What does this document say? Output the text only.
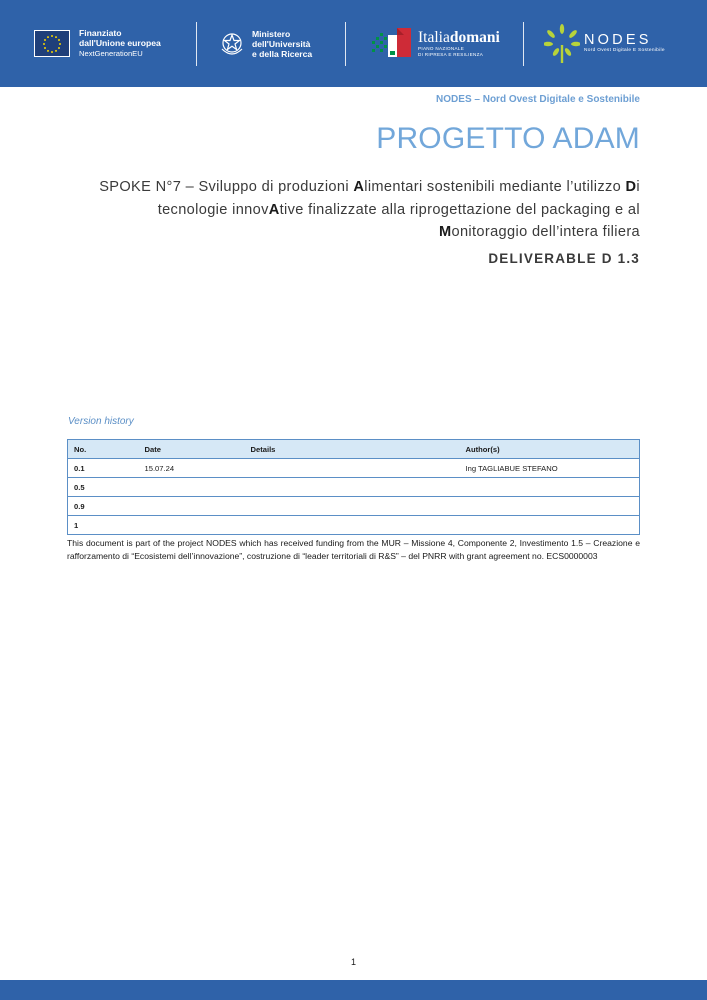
Finanziato
dall'Unione europea
NextGenerationEU
Ministero
dell'Università
e della Ricerca
Italiadomani
PIANO NAZIONALE
DI RIPRESA E RESILIENZA
NODES
Nord Ovest Digitale E Sostenibile
NODES – Nord Ovest Digitale e Sostenibile
PROGETTO ADAM
SPOKE N°7 – Sviluppo di produzioni Alimentari sostenibili mediante l’utilizzo Di tecnologie innovAtive finalizzate alla riprogettazione del packaging e al Monitoraggio dell’intera filiera
DELIVERABLE D 1.3
Version history
No.	Date	Details	Author(s)
0.1	15.07.24		Ing TAGLIABUE STEFANO
0.5			
0.9			
1			
This document is part of the project NODES which has received funding from the MUR – Missione 4, Componente 2, Investimento 1.5 – Creazione e rafforzamento di “Ecosistemi dell’innovazione”, costruzione di “leader territoriali di R&S” – del PNRR with grant agreement no. ECS0000003
1
